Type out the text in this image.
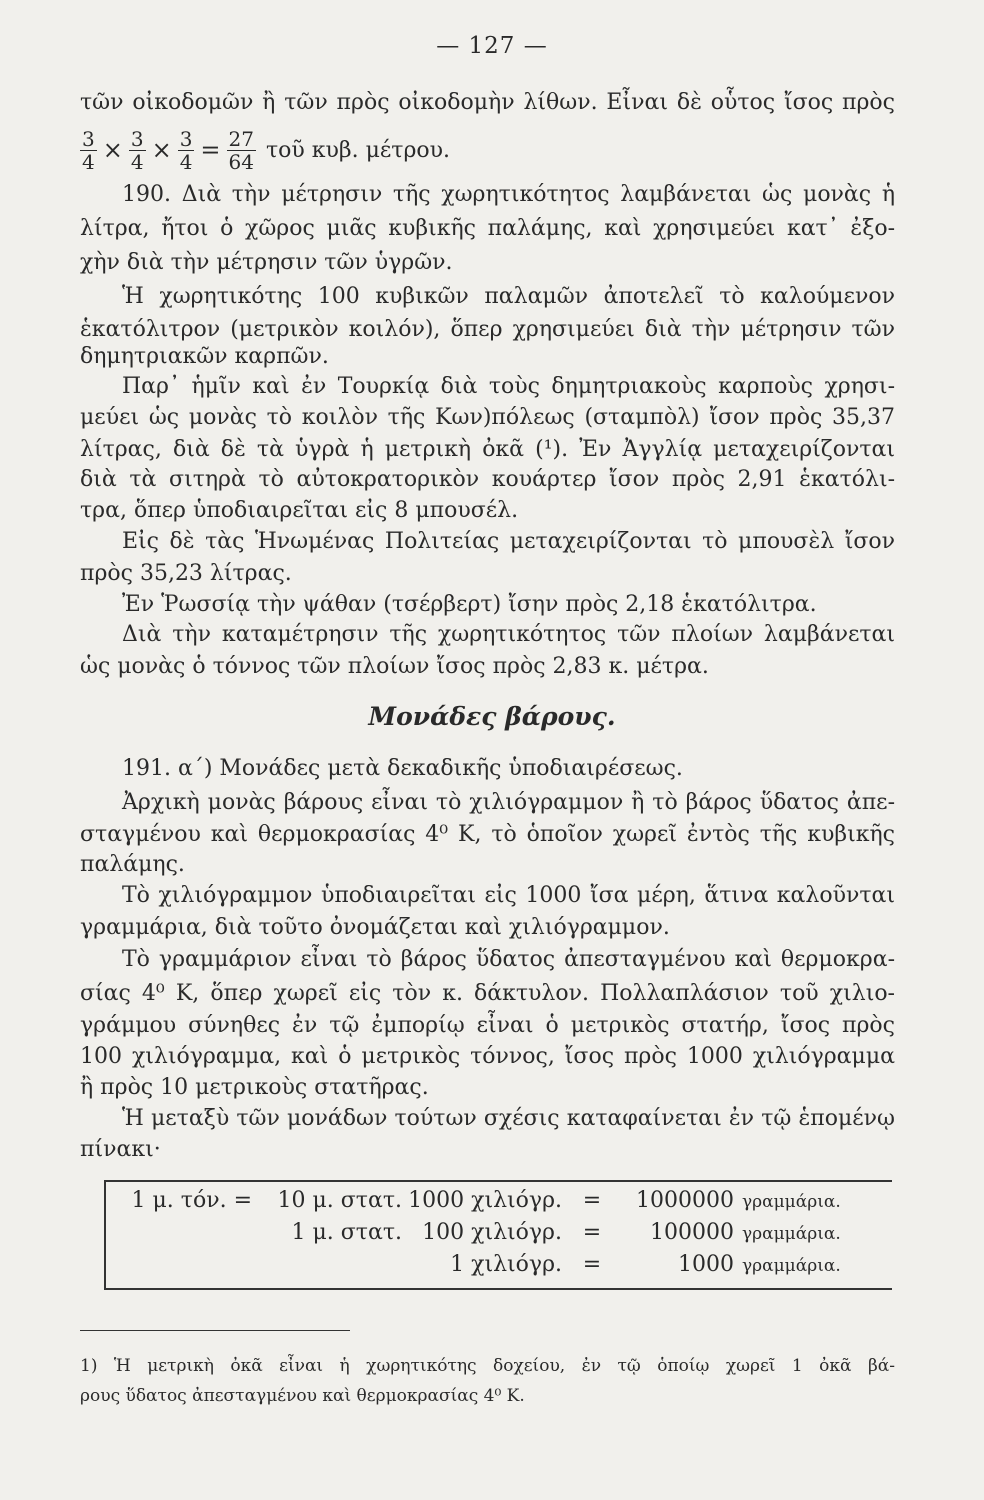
— 127 —
τῶν οἰκοδομῶν ἢ τῶν πρὸς οἰκοδομὴν λίθων. Εἶναι δὲ οὗτος ἴσος πρὸς
$\frac{3}{4} \times \frac{3}{4} \times \frac{3}{4} = \frac{27}{64}$ τοῦ κυβ. μέτρου.
190. Διὰ τὴν μέτρησιν τῆς χωρητικότητος λαμβάνεται ὡς μονὰς ἡ
λίτρα, ἤτοι ὁ χῶρος μιᾶς κυβικῆς παλάμης, καὶ χρησιμεύει κατ᾽ ἐξο-
χὴν διὰ τὴν μέτρησιν τῶν ὑγρῶν.
Ἡ χωρητικότης 100 κυβικῶν παλαμῶν ἀποτελεῖ τὸ καλούμενον
ἑκατόλιτρον (μετρικὸν κοιλόν), ὅπερ χρησιμεύει διὰ τὴν μέτρησιν τῶν
δημητριακῶν καρπῶν.
Παρ᾽ ἡμῖν καὶ ἐν Τουρκίᾳ διὰ τοὺς δημητριακοὺς καρποὺς χρησι-
μεύει ὡς μονὰς τὸ κοιλὸν τῆς Κων)πόλεως (σταμπὸλ) ἴσον πρὸς 35,37
λίτρας, διὰ δὲ τὰ ὑγρὰ ἡ μετρικὴ ὀκᾶ (¹). Ἐν Ἀγγλίᾳ μεταχειρίζονται
διὰ τὰ σιτηρὰ τὸ αὐτοκρατορικὸν κουάρτερ ἴσον πρὸς 2,91 ἑκατόλι-
τρα, ὅπερ ὑποδιαιρεῖται εἰς 8 μπουσέλ.
Εἰς δὲ τὰς Ἡνωμένας Πολιτείας μεταχειρίζονται τὸ μπουσὲλ ἴσον
πρὸς 35,23 λίτρας.
Ἐν Ῥωσσίᾳ τὴν ψάθαν (τσέρβερτ) ἴσην πρὸς 2,18 ἑκατόλιτρα.
Διὰ τὴν καταμέτρησιν τῆς χωρητικότητος τῶν πλοίων λαμβάνεται
ὡς μονὰς ὁ τόννος τῶν πλοίων ἴσος πρὸς 2,83 κ. μέτρα.
Μονάδες βάρους.
191. α΄) Μονάδες μετὰ δεκαδικῆς ὑποδιαιρέσεως.
Ἀρχικὴ μονὰς βάρους εἶναι τὸ χιλιόγραμμον ἢ τὸ βάρος ὕδατος ἀπε-
σταγμένου καὶ θερμοκρασίας 4⁰ Κ, τὸ ὁποῖον χωρεῖ ἐντὸς τῆς κυβικῆς
παλάμης.
Τὸ χιλιόγραμμον ὑποδιαιρεῖται εἰς 1000 ἴσα μέρη, ἅτινα καλοῦνται
γραμμάρια, διὰ τοῦτο ὀνομάζεται καὶ χιλιόγραμμον.
Τὸ γραμμάριον εἶναι τὸ βάρος ὕδατος ἀπεσταγμένου καὶ θερμοκρα-
σίας 4⁰ Κ, ὅπερ χωρεῖ εἰς τὸν κ. δάκτυλον. Πολλαπλάσιον τοῦ χιλιο-
γράμμου σύνηθες ἐν τῷ ἐμπορίῳ εἶναι ὁ μετρικὸς στατήρ, ἴσος πρὸς
100 χιλιόγραμμα, καὶ ὁ μετρικὸς τόννος, ἴσος πρὸς 1000 χιλιόγραμμα
ἢ πρὸς 10 μετρικοὺς στατῆρας.
Ἡ μεταξὺ τῶν μονάδων τούτων σχέσις καταφαίνεται ἐν τῷ ἑπομένῳ
πίνακι·
1 μ. τόν. =	10 μ. στατ. 1000 χιλιόγρ. =	1000000 γραμμάρια.
1 μ. στατ. 100 χιλιόγρ. =	100000 γραμμάρια.
1 χιλιόγρ. =	1000 γραμμάρια.
1) Ἡ μετρικὴ ὀκᾶ εἶναι ἡ χωρητικότης δοχείου, ἐν τῷ ὁποίῳ χωρεῖ 1 ὀκᾶ βά-
ρους ὕδατος ἀπεσταγμένου καὶ θερμοκρασίας 4⁰ Κ.
